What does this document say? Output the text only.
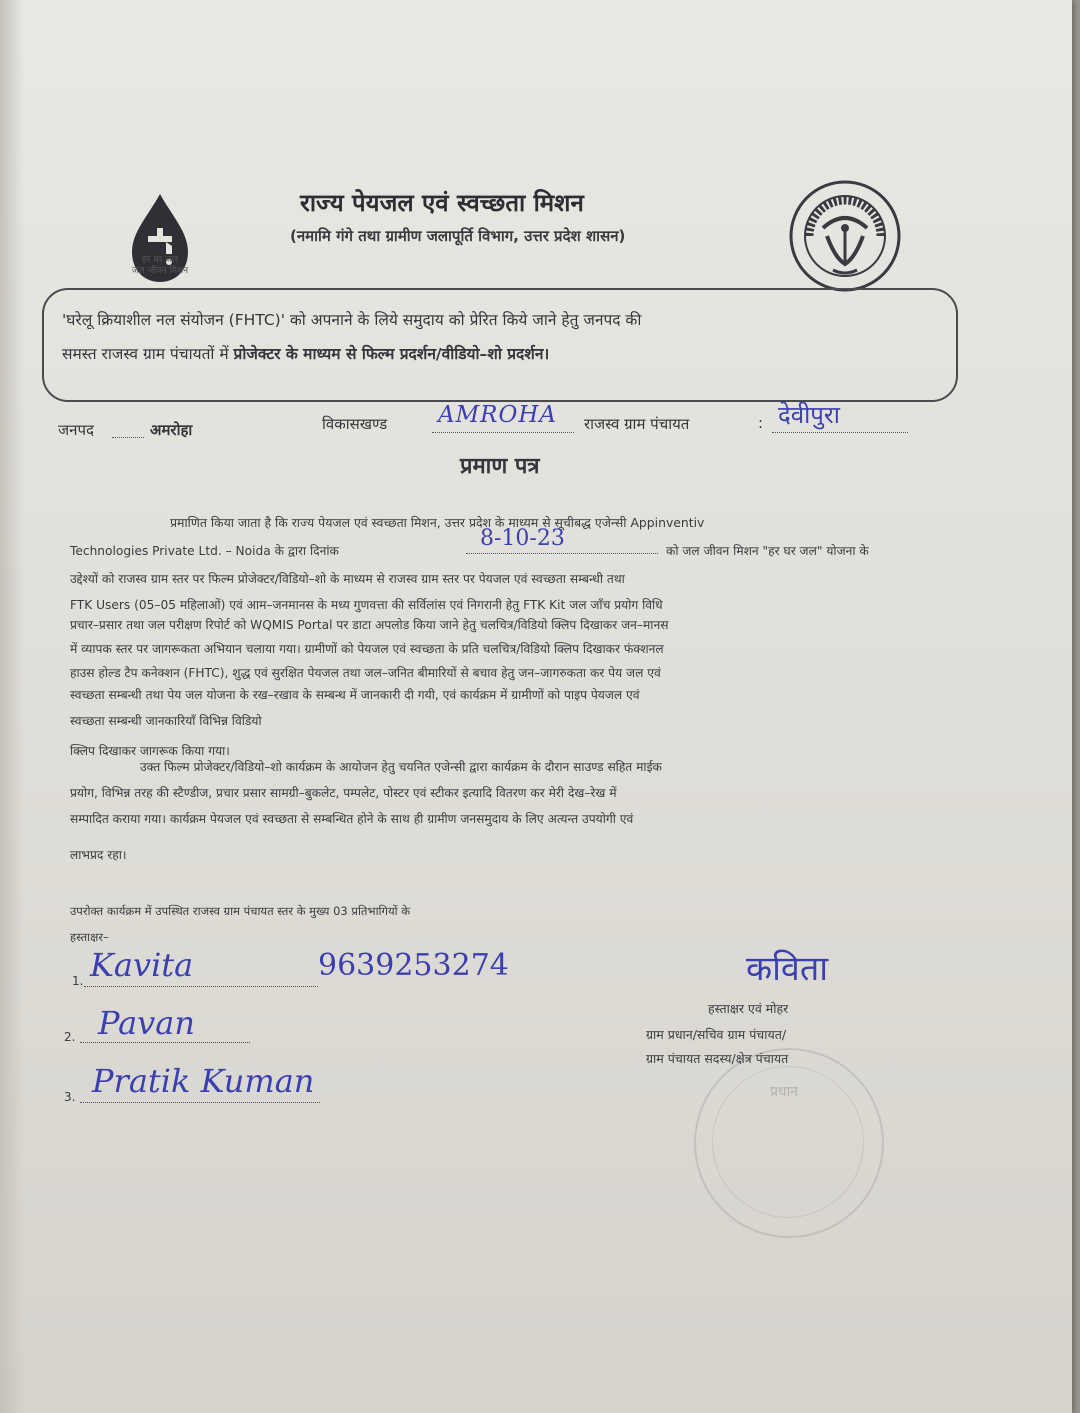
हर घर जल
जल जीवन मिशन
राज्य पेयजल एवं स्वच्छता मिशन
(नमामि गंगे तथा ग्रामीण जलापूर्ति विभाग, उत्तर प्रदेश शासन)
'घरेलू क्रियाशील नल संयोजन (FHTC)' को अपनाने के लिये समुदाय को प्रेरित किये जाने हेतु जनपद की
समस्त राजस्व ग्राम पंचायतों में प्रोजेक्टर के माध्यम से फिल्म प्रदर्शन/वीडियो–शो प्रदर्शन।
जनपद	अमरोहा	विकासखण्ड AMROHA राजस्व ग्राम पंचायत	: देवीपुरा
प्रमाण पत्र
प्रमाणित किया जाता है कि राज्य पेयजल एवं स्वच्छता मिशन, उत्तर प्रदेश के माध्यम से सूचीबद्ध एजेन्सी Appinventiv
Technologies Private Ltd. – Noida के द्वारा दिनांक	8-10-23	को जल जीवन मिशन "हर घर जल" योजना के
उद्देश्यों को राजस्व ग्राम स्तर पर फिल्म प्रोजेक्टर/विडियो–शो के माध्यम से राजस्व ग्राम स्तर पर पेयजल एवं स्वच्छता सम्बन्धी तथा
FTK Users (05–05 महिलाओं) एवं आम–जनमानस के मध्य गुणवत्ता की सर्विलांस एवं निगरानी हेतु FTK Kit जल जाँच प्रयोग विधि
प्रचार–प्रसार तथा जल परीक्षण रिपोर्ट को WQMIS Portal पर डाटा अपलोड किया जाने हेतु चलचित्र/विडियो क्लिप दिखाकर जन–मानस
में व्यापक स्तर पर जागरूकता अभियान चलाया गया। ग्रामीणों को पेयजल एवं स्वच्छता के प्रति चलचित्र/विडियो क्लिप दिखाकर फंक्शनल
हाउस होल्ड टैप कनेक्शन (FHTC), शुद्ध एवं सुरक्षित पेयजल तथा जल–जनित बीमारियों से बचाव हेतु जन–जागरुकता कर पेय जल एवं
स्वच्छता सम्बन्धी तथा पेय जल योजना के रख–रखाव के सम्बन्ध में जानकारी दी गयी, एवं कार्यक्रम में ग्रामीणों को पाइप पेयजल एवं
स्वच्छता सम्बन्धी जानकारियाँ विभिन्न विडियो
क्लिप दिखाकर जागरूक किया गया।
उक्त फिल्म प्रोजेक्टर/विडियो–शो कार्यक्रम के आयोजन हेतु चयनित एजेन्सी द्वारा कार्यक्रम के दौरान साउण्ड सहित माईक
प्रयोग, विभिन्न तरह की स्टैण्डीज, प्रचार प्रसार सामग्री–बुकलेट, पम्पलेट, पोस्टर एवं स्टीकर इत्यादि वितरण कर मेरी देख–रेख में
सम्पादित कराया गया। कार्यक्रम पेयजल एवं स्वच्छता से सम्बन्धित होने के साथ ही ग्रामीण जनसमुदाय के लिए अत्यन्त उपयोगी एवं
लाभप्रद रहा।
उपरोक्त कार्यक्रम में उपस्थित राजस्व ग्राम पंचायत स्तर के मुख्य 03 प्रतिभागियों के
हस्ताक्षर–
1. Kavita	9639253274
2. Pavan
3. Pratik Kuman	प्रधान
कविता
हस्ताक्षर एवं मोहर
ग्राम प्रधान/सचिव ग्राम पंचायत/
ग्राम पंचायत सदस्य/क्षेत्र पंचायत
